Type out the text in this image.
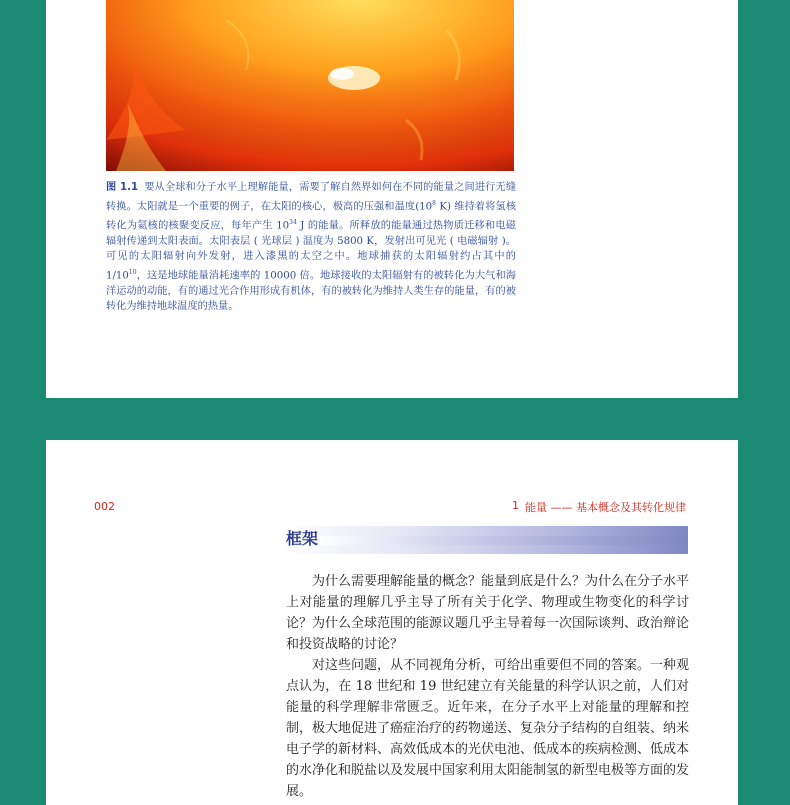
图 1.1 要从全球和分子水平上理解能量，需要了解自然界如何在不同的能量之间进行无缝转换。太阳就是一个重要的例子，在太阳的核心，极高的压强和温度($10^8$ K) 维持着将氢核转化为氦核的核聚变反应，每年产生 $10^{34}$ J 的能量。所释放的能量通过热物质迁移和电磁辐射传递到太阳表面。太阳表层 ( 光球层 ) 温度为 5800 K，发射出可见光 ( 电磁辐射 )。可见的太阳辐射向外发射，进入漆黑的太空之中。地球捕获的太阳辐射约占其中的 $1/10^{10}$，这是地球能量消耗速率的 10000 倍。地球接收的太阳辐射有的被转化为大气和海洋运动的动能，有的通过光合作用形成有机体，有的被转化为维持人类生存的能量，有的被转化为维持地球温度的热量。
002	1 能量 —— 基本概念及其转化规律
框架

为什么需要理解能量的概念？能量到底是什么？为什么在分子水平上对能量的理解几乎主导了所有关于化学、物理或生物变化的科学讨论？为什么全球范围的能源议题几乎主导着每一次国际谈判、政治辩论和投资战略的讨论？

对这些问题，从不同视角分析，可给出重要但不同的答案。一种观点认为，在 18 世纪和 19 世纪建立有关能量的科学认识之前，人们对能量的科学理解非常匮乏。近年来，在分子水平上对能量的理解和控制，极大地促进了癌症治疗的药物递送、复杂分子结构的自组装、纳米电子学的新材料、高效低成本的光伏电池、低成本的疾病检测、低成本的水净化和脱盐以及发展中国家利用太阳能制氢的新型电极等方面的发展。
